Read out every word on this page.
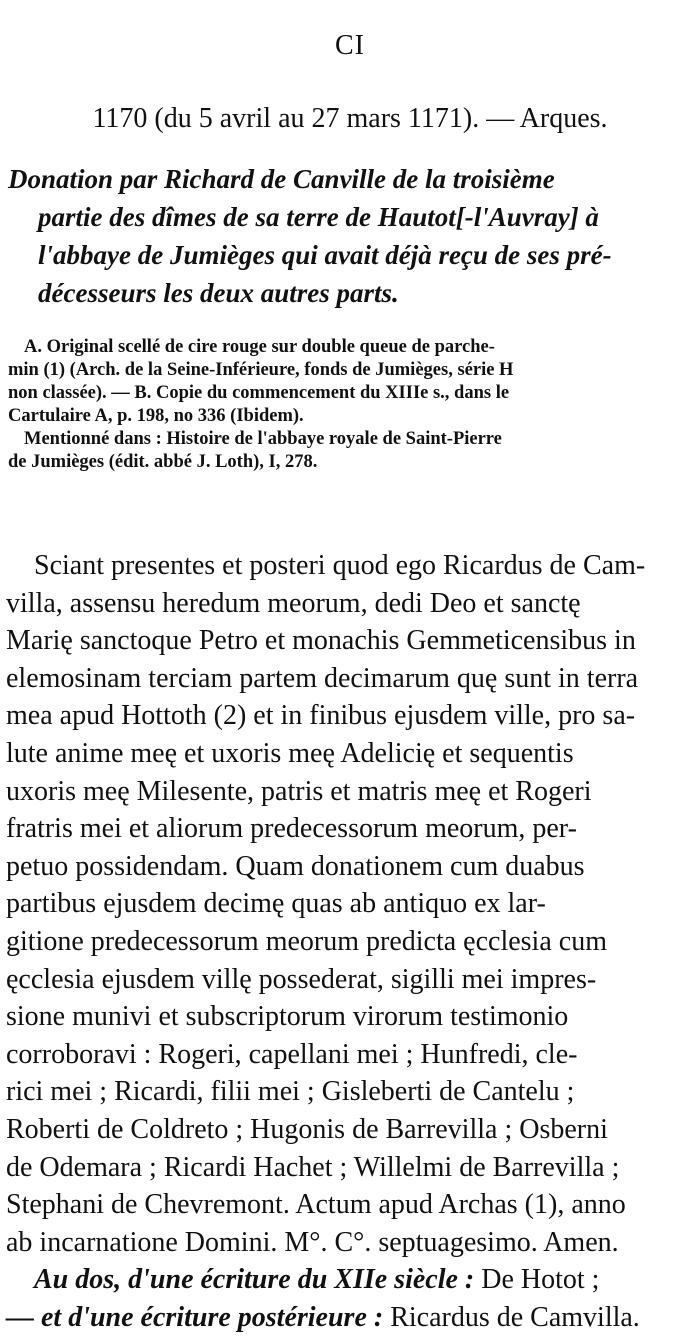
CI
1170 (du 5 avril au 27 mars 1171). — Arques.
Donation par Richard de Canville de la troisième
partie des dîmes de sa terre de Hautot[-l'Auvray] à
l'abbaye de Jumièges qui avait déjà reçu de ses pré-
décesseurs les deux autres parts.
A. Original scellé de cire rouge sur double queue de parche-
min (1) (Arch. de la Seine-Inférieure, fonds de Jumièges, série H
non classée). — B. Copie du commencement du XIIIe s., dans le
Cartulaire A, p. 198, no 336 (Ibidem).
Mentionné dans : Histoire de l'abbaye royale de Saint-Pierre
de Jumièges (édit. abbé J. Loth), I, 278.
Sciant presentes et posteri quod ego Ricardus de Cam-
villa, assensu heredum meorum, dedi Deo et sanctę
Marię sanctoque Petro et monachis Gemmeticensibus in
elemosinam terciam partem decimarum quę sunt in terra
mea apud Hottoth (2) et in finibus ejusdem ville, pro sa-
lute anime meę et uxoris meę Adelicię et sequentis
uxoris meę Milesente, patris et matris meę et Rogeri
fratris mei et aliorum predecessorum meorum, per-
petuo possidendam. Quam donationem cum duabus
partibus ejusdem decimę quas ab antiquo ex lar-
gitione predecessorum meorum predicta ęcclesia cum
ęcclesia ejusdem villę possederat, sigilli mei impres-
sione munivi et subscriptorum virorum testimonio
corroboravi : Rogeri, capellani mei ; Hunfredi, cle-
rici mei ; Ricardi, filii mei ; Gisleberti de Cantelu ;
Roberti de Coldreto ; Hugonis de Barrevilla ; Osberni
de Odemara ; Ricardi Hachet ; Willelmi de Barrevilla ;
Stephani de Chevremont. Actum apud Archas (1), anno
ab incarnatione Domini. M°. C°. septuagesimo. Amen.
Au dos, d'une écriture du XIIe siècle : De Hotot ;
— et d'une écriture postérieure : Ricardus de Camvilla.
